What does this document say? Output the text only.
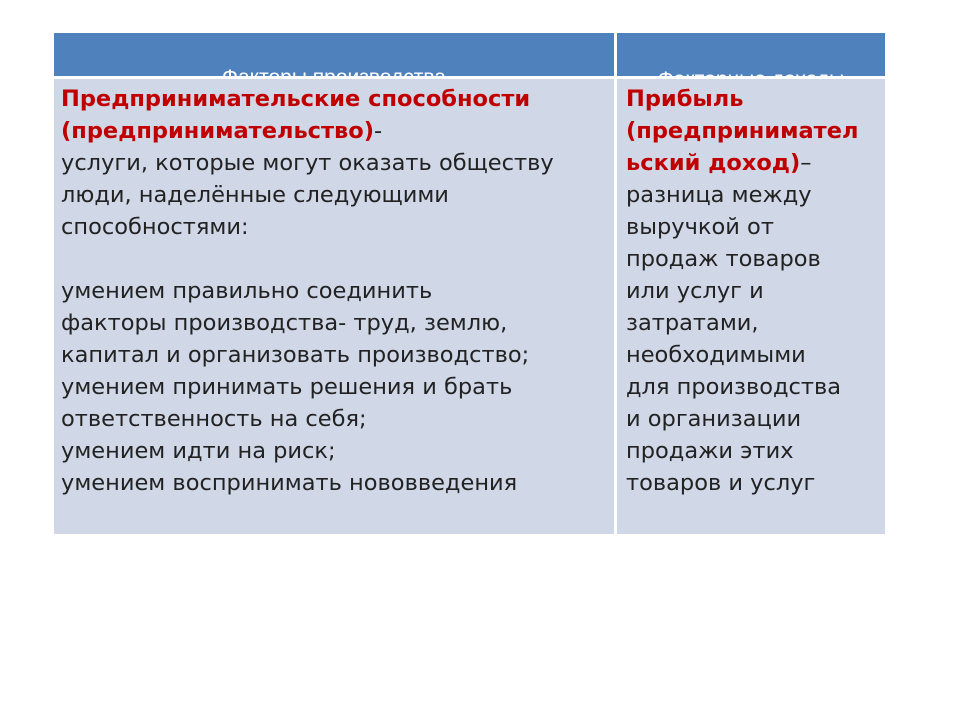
Предпринимательские способности
(предпринимательство)-
услуги, которые могут оказать обществу
люди, наделённые следующими
способностями:
умением правильно соединить
факторы производства- труд, землю,
капитал и организовать производство;
умением принимать решения и брать
ответственность на себя;
умением идти на риск;
умением воспринимать нововведения
Прибыль
(предпринимател
ьский доход)–
разница между
выручкой от
продаж товаров
или услуг и
затратами,
необходимыми
для производства
и организации
продажи этих
товаров и услуг
